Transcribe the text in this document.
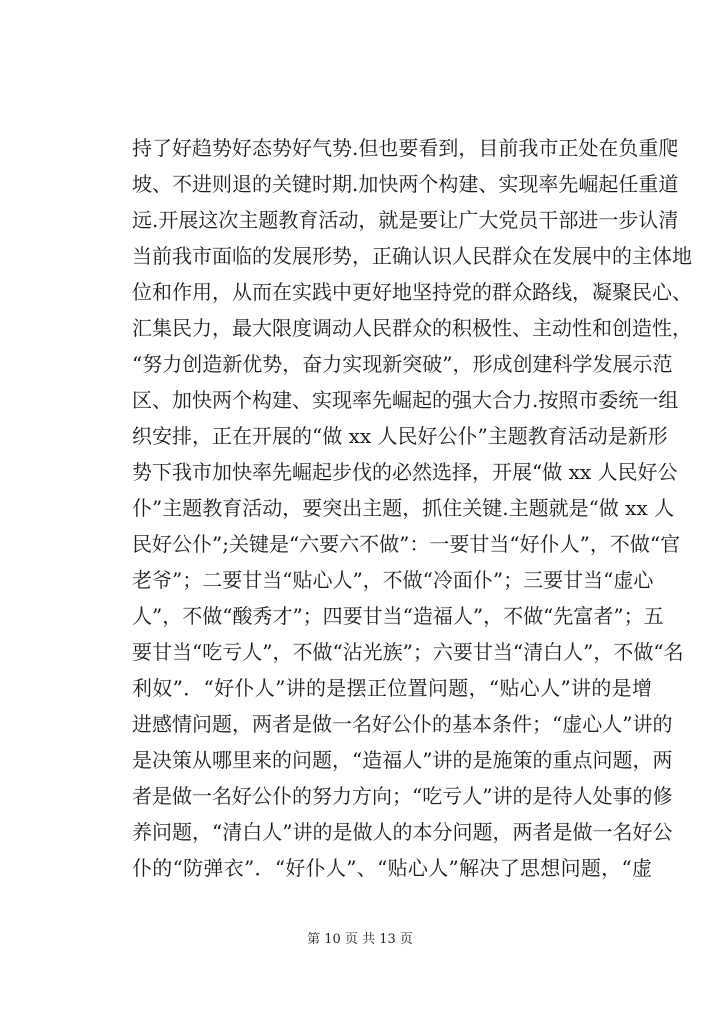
持了好趋势好态势好气势.但也要看到，目前我市正处在负重爬
坡、不进则退的关键时期.加快两个构建、实现率先崛起任重道
远.开展这次主题教育活动，就是要让广大党员干部进一步认清
当前我市面临的发展形势，正确认识人民群众在发展中的主体地
位和作用，从而在实践中更好地坚持党的群众路线，凝聚民心、
汇集民力，最大限度调动人民群众的积极性、主动性和创造性，
“努力创造新优势，奋力实现新突破”，形成创建科学发展示范
区、加快两个构建、实现率先崛起的强大合力.按照市委统一组
织安排，正在开展的“做 xx 人民好公仆”主题教育活动是新形
势下我市加快率先崛起步伐的必然选择，开展“做 xx 人民好公
仆”主题教育活动，要突出主题，抓住关键.主题就是“做 xx 人
民好公仆”;关键是“六要六不做”：一要甘当“好仆人”，不做“官
老爷”；二要甘当“贴心人”，不做“冷面仆”；三要甘当“虚心
人”，不做“酸秀才”；四要甘当“造福人”，不做“先富者”；五
要甘当“吃亏人”，不做“沾光族”；六要甘当“清白人”，不做“名
利奴”．“好仆人”讲的是摆正位置问题，“贴心人”讲的是增
进感情问题，两者是做一名好公仆的基本条件；“虚心人”讲的
是决策从哪里来的问题，“造福人”讲的是施策的重点问题，两
者是做一名好公仆的努力方向；“吃亏人”讲的是待人处事的修
养问题，“清白人”讲的是做人的本分问题，两者是做一名好公
仆的“防弹衣”．“好仆人”、“贴心人”解决了思想问题，“虚
第 10 页 共 13 页
